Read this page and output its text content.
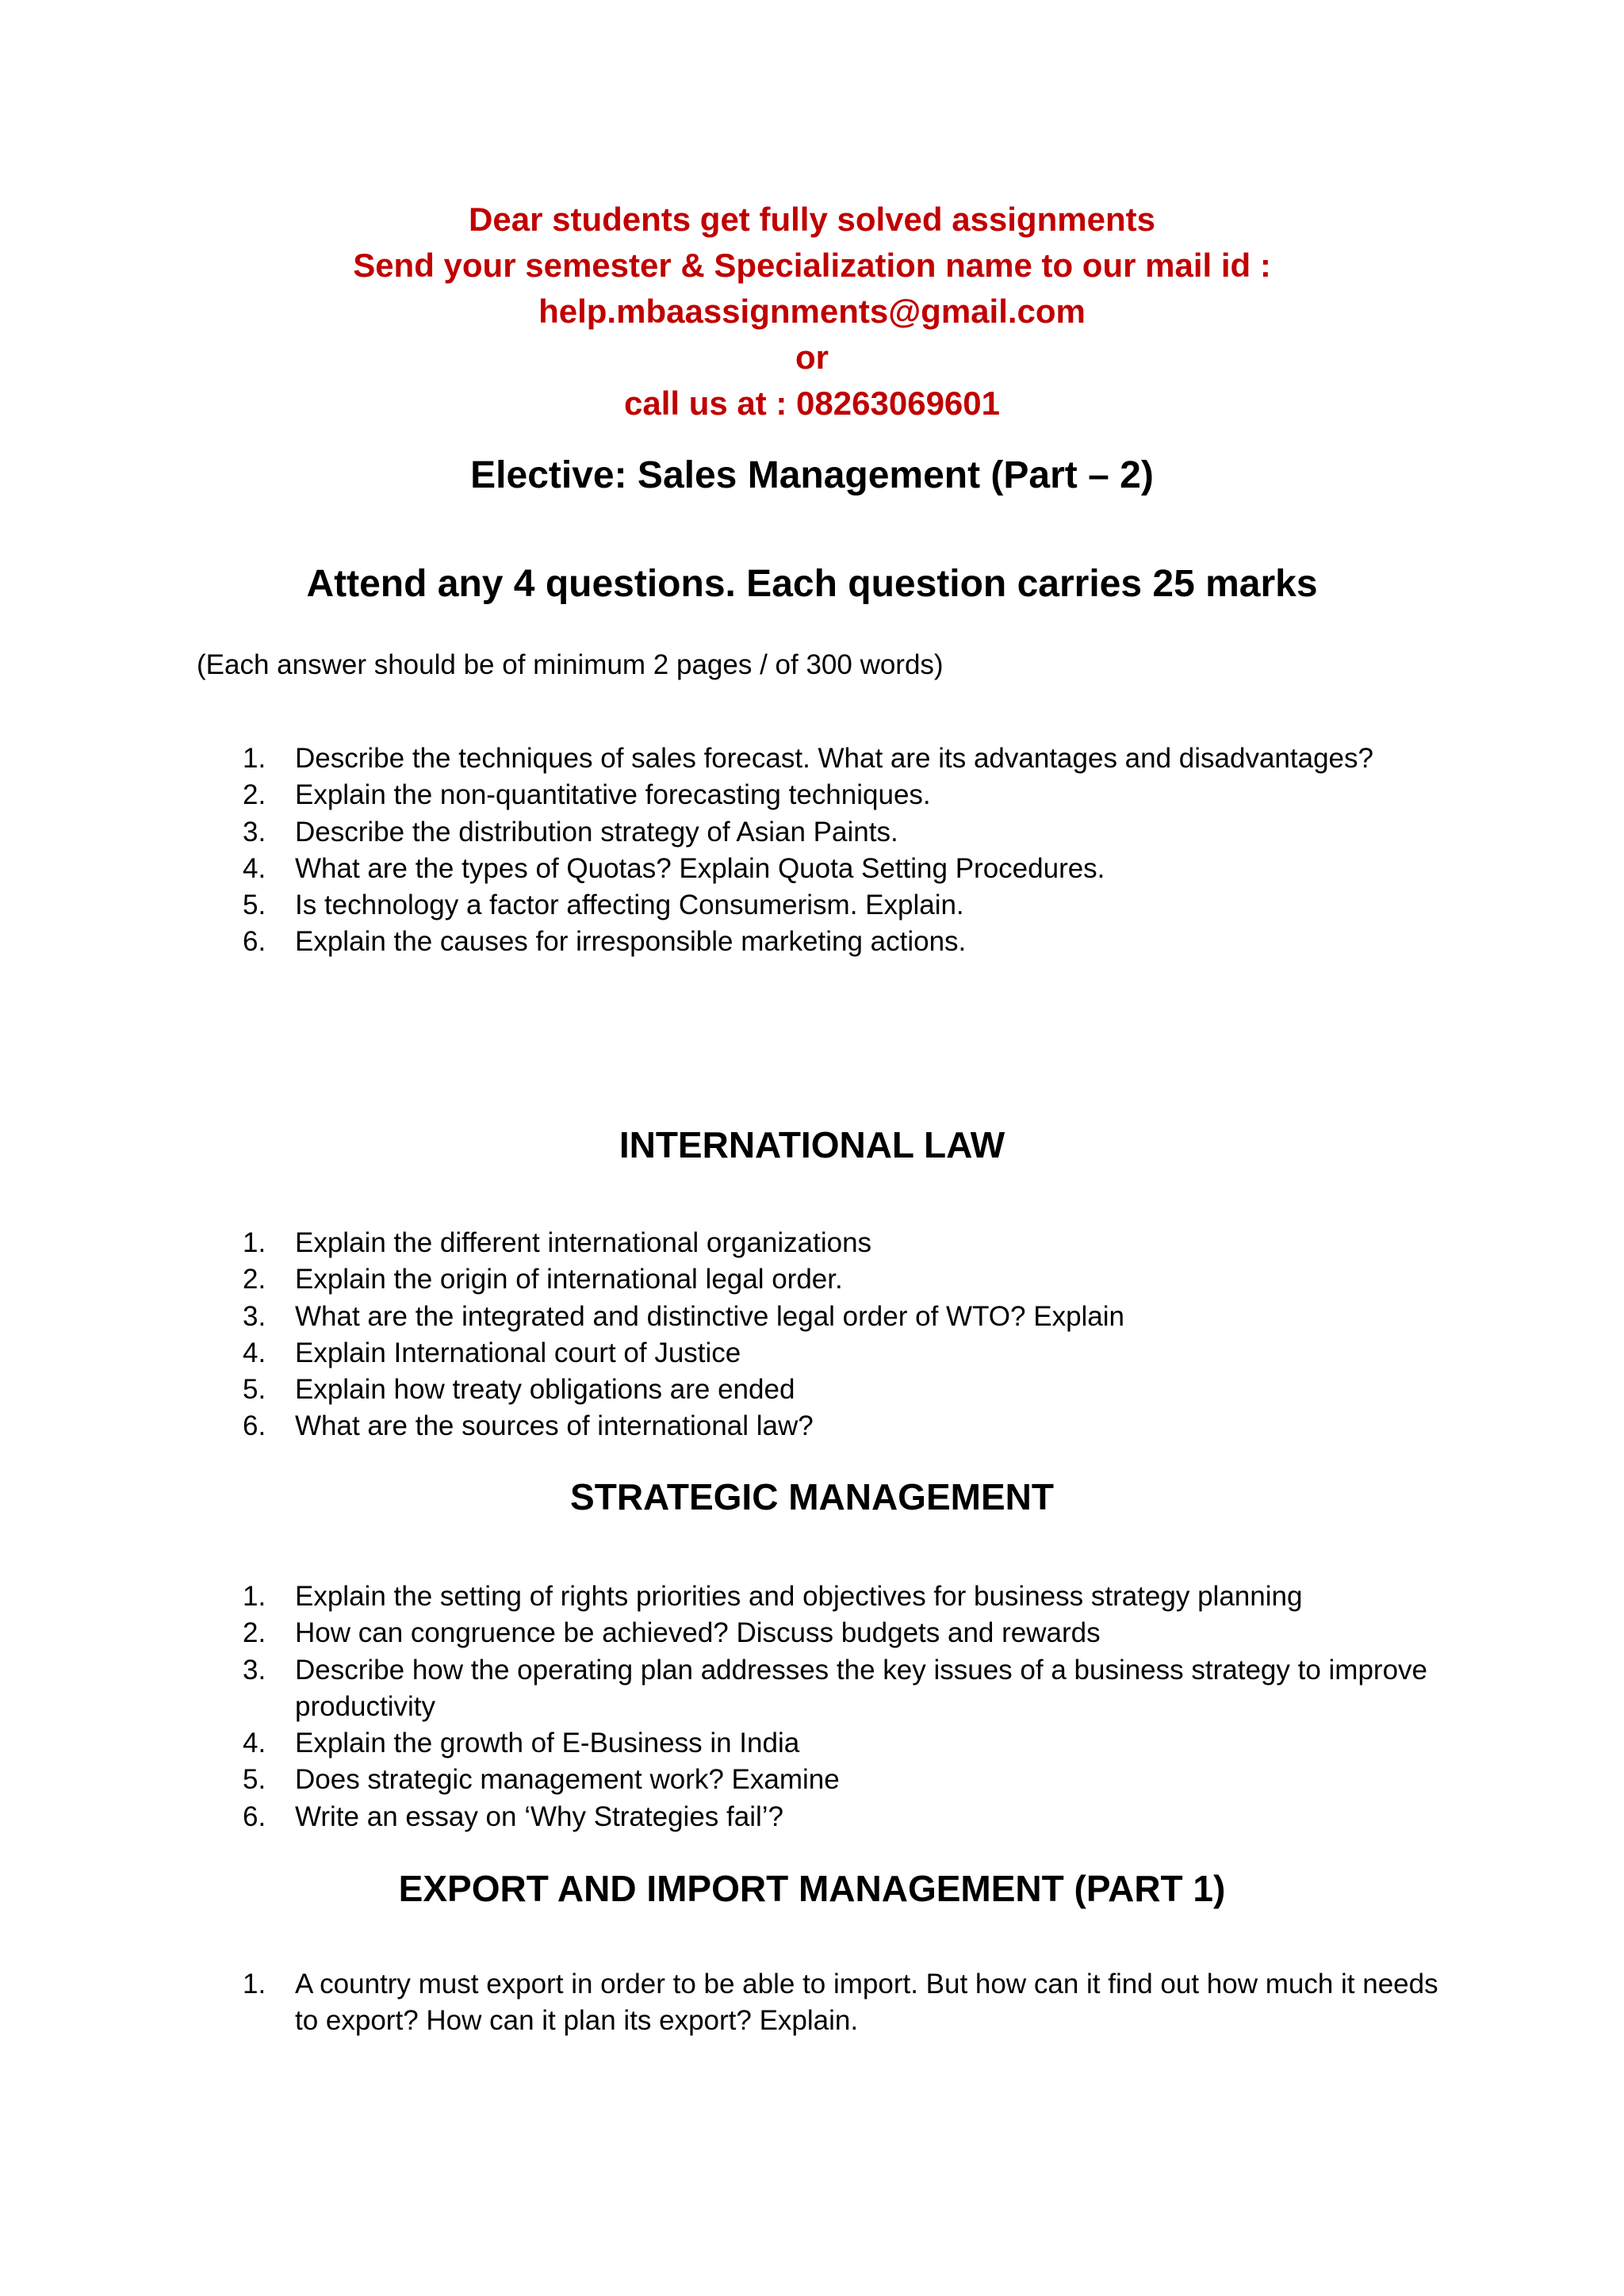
Dear students get fully solved assignments
Send your semester & Specialization name to our mail id :
help.mbaassignments@gmail.com
or
call us at : 08263069601
Elective: Sales Management (Part – 2)
Attend any 4 questions. Each question carries 25 marks
(Each answer should be of minimum 2 pages / of 300 words)
1. Describe the techniques of sales forecast. What are its advantages and disadvantages?
2. Explain the non-quantitative forecasting techniques.
3. Describe the distribution strategy of Asian Paints.
4. What are the types of Quotas? Explain Quota Setting Procedures.
5. Is technology a factor affecting Consumerism. Explain.
6. Explain the causes for irresponsible marketing actions.
INTERNATIONAL LAW
1. Explain the different international organizations
2. Explain the origin of international legal order.
3. What are the integrated and distinctive legal order of WTO? Explain
4. Explain International court of Justice
5. Explain how treaty obligations are ended
6. What are the sources of international law?
STRATEGIC MANAGEMENT
1. Explain the setting of rights priorities and objectives for business strategy planning
2. How can congruence be achieved? Discuss budgets and rewards
3. Describe how the operating plan addresses the key issues of a business strategy to improve productivity
4. Explain the growth of E-Business in India
5. Does strategic management work? Examine
6. Write an essay on ‘Why Strategies fail’?
EXPORT AND IMPORT MANAGEMENT (PART 1)
1. A country must export in order to be able to import. But how can it find out how much it needs to export? How can it plan its export? Explain.
